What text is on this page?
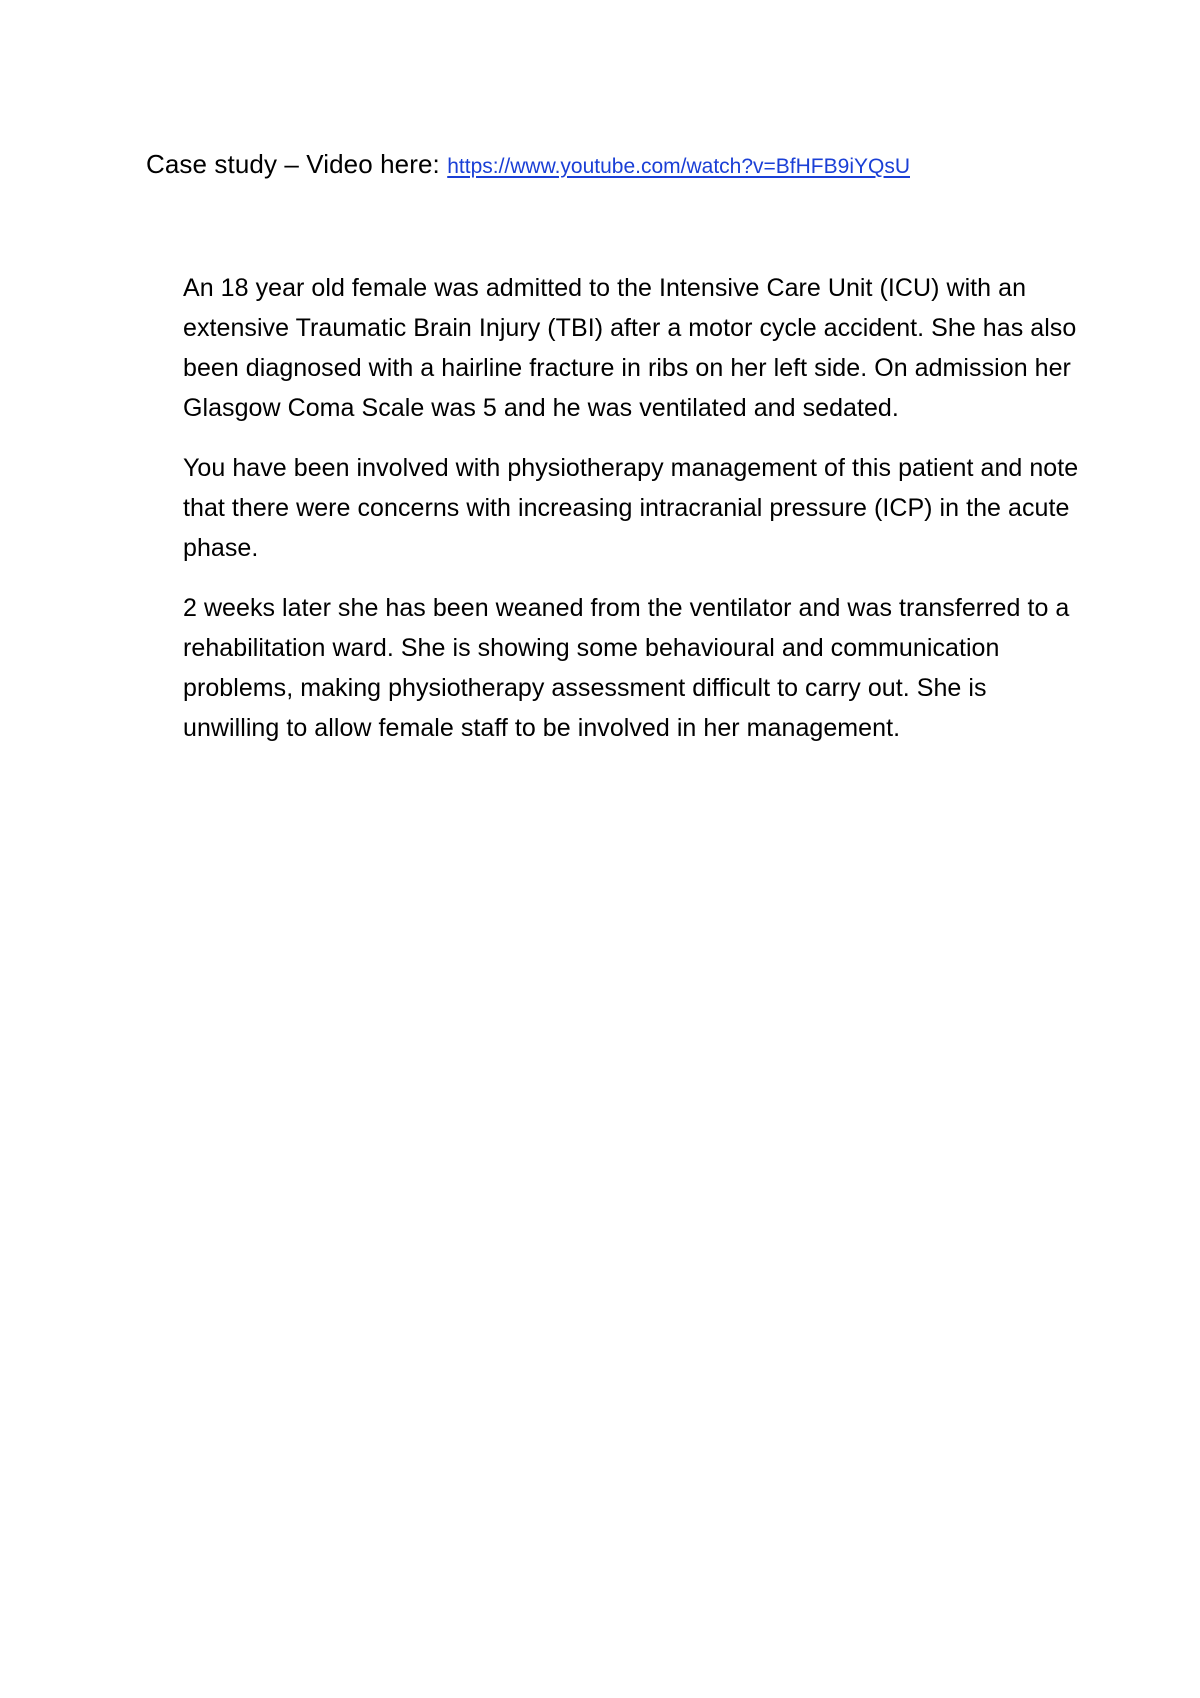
Case study – Video here: https://www.youtube.com/watch?v=BfHFB9iYQsU

An 18 year old female was admitted to the Intensive Care Unit (ICU) with an extensive Traumatic Brain Injury (TBI) after a motor cycle accident. She has also been diagnosed with a hairline fracture in ribs on her left side. On admission her Glasgow Coma Scale was 5 and he was ventilated and sedated.

You have been involved with physiotherapy management of this patient and note that there were concerns with increasing intracranial pressure (ICP) in the acute phase.

2 weeks later she has been weaned from the ventilator and was transferred to a rehabilitation ward. She is showing some behavioural and communication problems, making physiotherapy assessment difficult to carry out. She is unwilling to allow female staff to be involved in her management.
